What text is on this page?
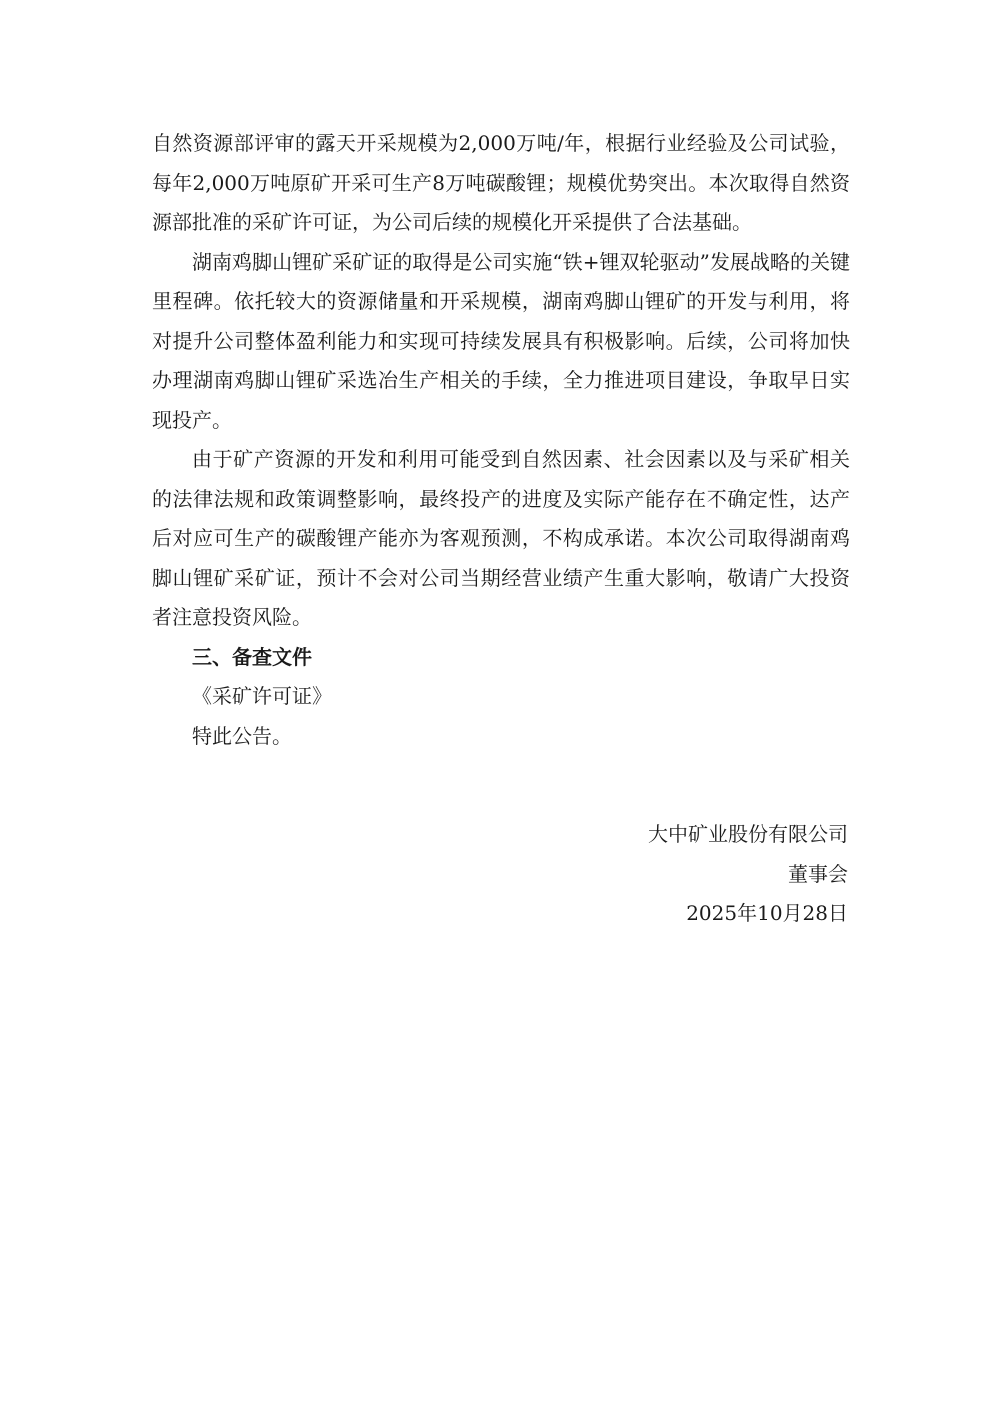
自然资源部评审的露天开采规模为2,000万吨/年，根据行业经验及公司试验，每年2,000万吨原矿开采可生产8万吨碳酸锂；规模优势突出。本次取得自然资源部批准的采矿许可证，为公司后续的规模化开采提供了合法基础。

湖南鸡脚山锂矿采矿证的取得是公司实施“铁+锂双轮驱动”发展战略的关键里程碑。依托较大的资源储量和开采规模，湖南鸡脚山锂矿的开发与利用，将对提升公司整体盈利能力和实现可持续发展具有积极影响。后续，公司将加快办理湖南鸡脚山锂矿采选冶生产相关的手续，全力推进项目建设，争取早日实现投产。

由于矿产资源的开发和利用可能受到自然因素、社会因素以及与采矿相关的法律法规和政策调整影响，最终投产的进度及实际产能存在不确定性，达产后对应可生产的碳酸锂产能亦为客观预测，不构成承诺。本次公司取得湖南鸡脚山锂矿采矿证，预计不会对公司当期经营业绩产生重大影响，敬请广大投资者注意投资风险。

三、备查文件

《采矿许可证》

特此公告。

大中矿业股份有限公司
董事会
2025年10月28日
